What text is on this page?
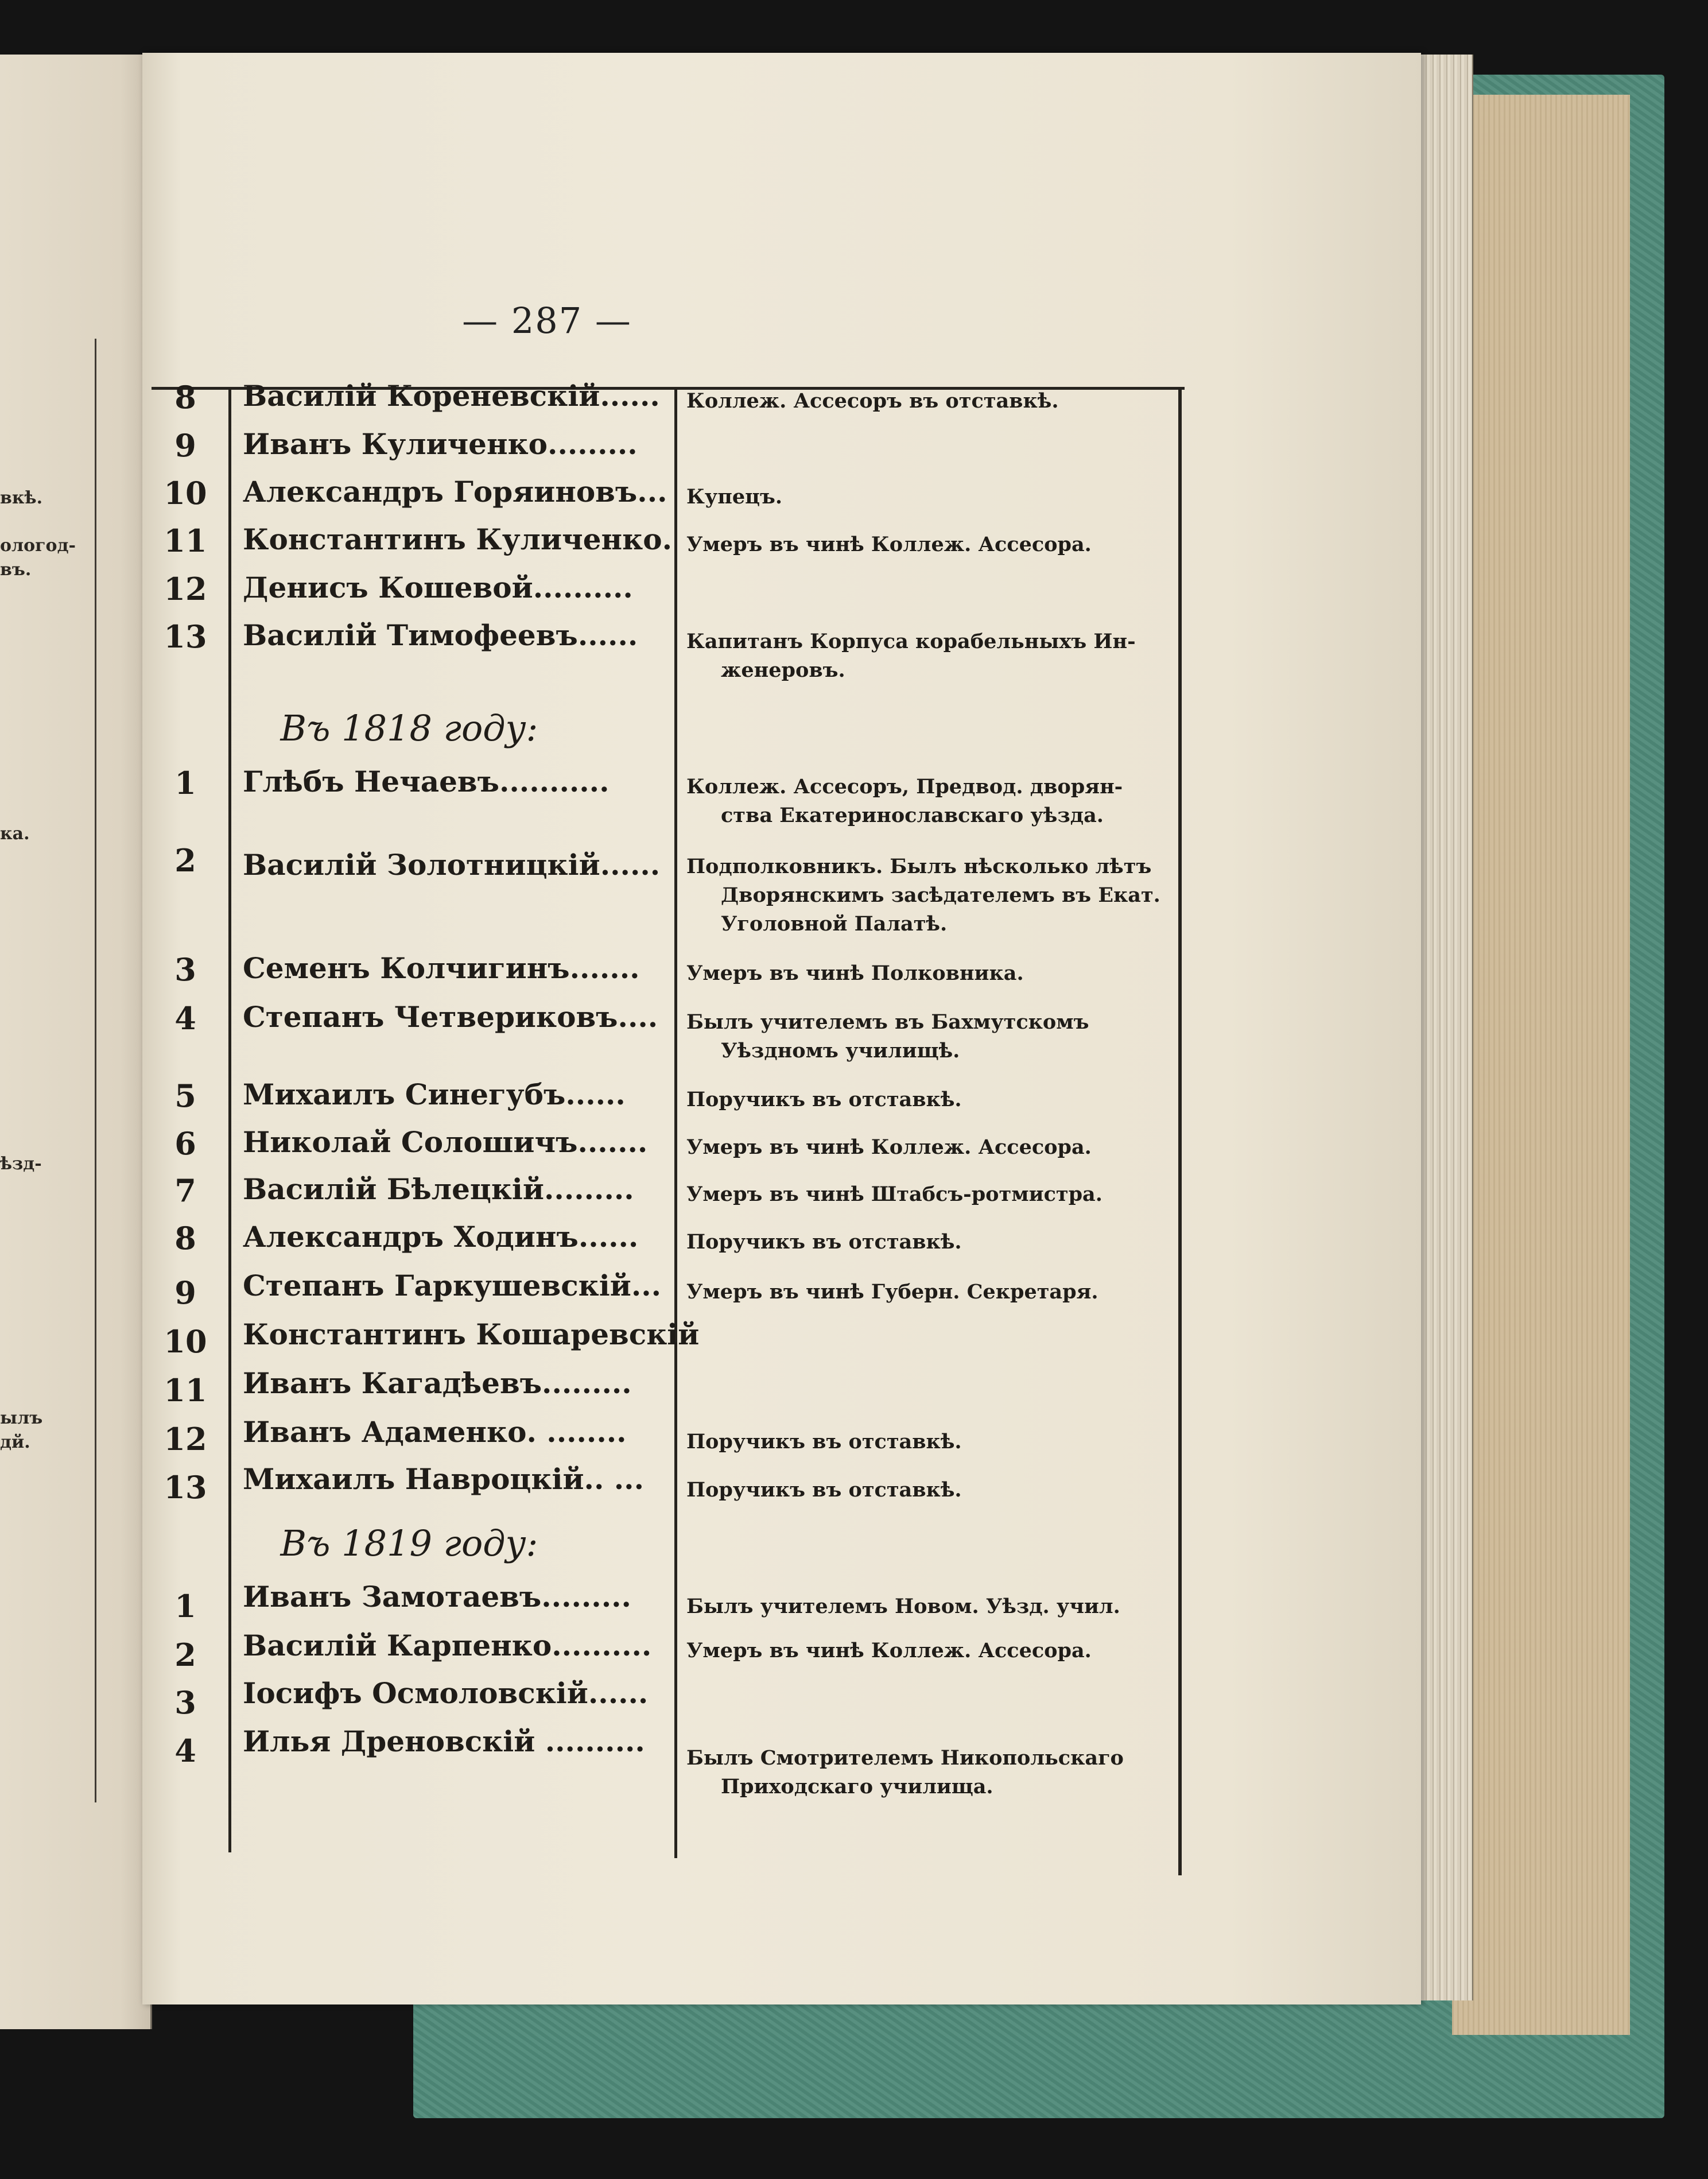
вкѣ.
ологод-
въ.
ка.
ѣзд-
ылъ
дй.
— 287 —
8	Василій Кореневскій...... Коллеж. Ассесоръ въ отставкѣ.
9	Иванъ Куличенко.........
10	Александръ Горяиновъ... Купецъ.
11	Константинъ Куличенко. Умеръ въ чинѣ Коллеж. Ассесора.
12	Денисъ Кошевой..........
13	Василій Тимофеевъ...... Капитанъ Корпуса корабельныхъ Ин-
женеровъ.
Въ 1818 году:
1	Глѣбъ Нечаевъ...........	Коллеж. Ассесоръ, Предвод. дворян-
ства Екатеринославскаго уѣзда.
2	Василій Золотницкій...... Подполковникъ. Былъ нѣсколько лѣтъ
Дворянскимъ засѣдателемъ въ Екат.
Уголовной Палатѣ.
3	Семенъ Колчигинъ....... Умеръ въ чинѣ Полковника.
4	Степанъ Четвериковъ.... Былъ учителемъ въ Бахмутскомъ
Уѣздномъ училищѣ.
5	Михаилъ Синегубъ......	Поручикъ въ отставкѣ.
6	Николай Солошичъ....... Умеръ въ чинѣ Коллеж. Ассесора.
7	Василій Бѣлецкій.........	Умеръ въ чинѣ Штабсъ-ротмистра.
8	Александръ Ходинъ...... Поручикъ въ отставкѣ.
9	Степанъ Гаркушевскій... Умеръ въ чинѣ Губерн. Секретаря.
10	Константинъ Кошаревскій
11	Иванъ Кагадѣевъ.........
12	Иванъ Адаменко. ........	Поручикъ въ отставкѣ.
13	Михаилъ Навроцкій.. ... Поручикъ въ отставкѣ.
Въ 1819 году:
1	Иванъ Замотаевъ.........	Былъ учителемъ Новом. Уѣзд. учил.
2	Василій Карпенко.......... Умеръ въ чинѣ Коллеж. Ассесора.
3	Іосифъ Осмоловскій......
4	Илья Дреновскій .......... Былъ Смотрителемъ Никопольскаго
Приходскаго училища.
